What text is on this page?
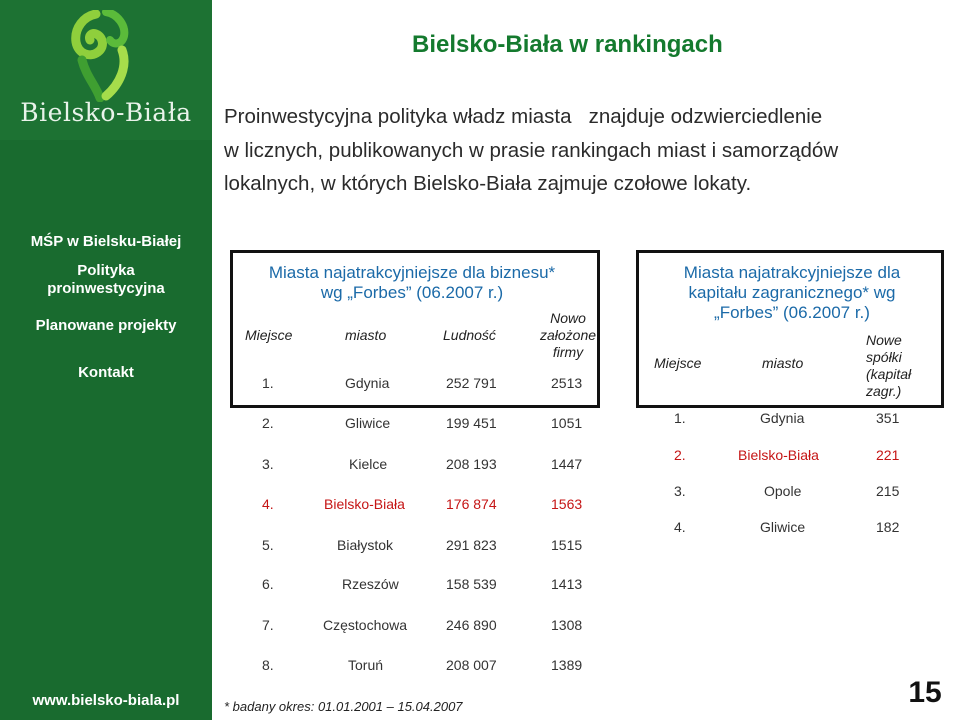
Bielsko-Biała
MŚP w Bielsku-Białej
Polityka
proinwestycyjna
Planowane projekty
Kontakt
www.bielsko-biala.pl
Bielsko-Biała w rankingach
Proinwestycyjna polityka władz miasta   znajduje odzwierciedlenie
w licznych, publikowanych w prasie rankingach miast i samorządów
lokalnych, w których Bielsko-Biała zajmuje czołowe lokaty.
Miasta najatrakcyjniejsze dla biznesu*
wg „Forbes” (06.2007 r.)
Miejsce	miasto	Ludność
Nowo
założone
firmy
1.	Gdynia	252 791	2513
2.	Gliwice	199 451	1051
3.	Kielce	208 193	1447
4.	Bielsko-Biała	176 874	1563
5.	Białystok	291 823	1515
6.	Rzeszów	158 539	1413
7.	Częstochowa	246 890	1308
8.	Toruń	208 007	1389
Miasta najatrakcyjniejsze dla
kapitału zagranicznego* wg
„Forbes” (06.2007 r.)
Miejsce	miasto
Nowe
spółki
(kapitał
zagr.)
1.	Gdynia	351
2.	Bielsko-Biała	221
3.	Opole	215
4.	Gliwice	182
* badany okres: 01.01.2001 – 15.04.2007	15
